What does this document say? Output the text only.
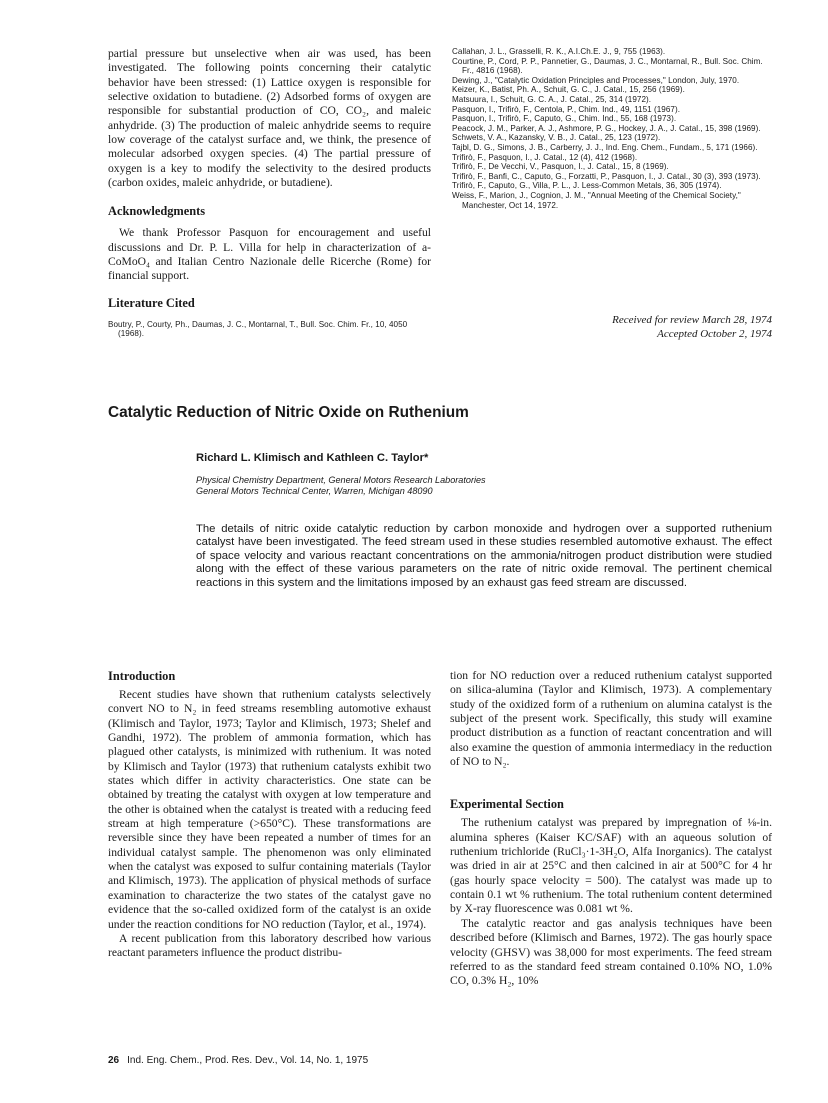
partial pressure but unselective when air was used, has been investigated. The following points concerning their catalytic behavior have been stressed: (1) Lattice oxygen is responsible for selective oxidation to butadiene. (2) Adsorbed forms of oxygen are responsible for substantial production of CO, CO₂, and maleic anhydride. (3) The production of maleic anhydride seems to require low coverage of the catalyst surface and, we think, the presence of molecular adsorbed oxygen species. (4) The partial pressure of oxygen is a key to modify the selectivity to the desired products (carbon oxides, maleic anhydride, or butadiene).

Acknowledgments

We thank Professor Pasquon for encouragement and useful discussions and Dr. P. L. Villa for help in characterization of a-CoMoO₄ and Italian Centro Nazionale delle Ricerche (Rome) for financial support.

Literature Cited

Boutry, P., Courty, Ph., Daumas, J. C., Montarnal, T., Bull. Soc. Chim. Fr., 10, 4050 (1968).

Callahan, J. L., Grasselli, R. K., A.I.Ch.E. J., 9, 755 (1963).

Courtine, P., Cord, P. P., Pannetier, G., Daumas, J. C., Montarnal, R., Bull. Soc. Chim. Fr., 4816 (1968).

Dewing, J., "Catalytic Oxidation Principles and Processes," London, July, 1970.

Keizer, K., Batist, Ph. A., Schuit, G. C., J. Catal., 15, 256 (1969).

Matsuura, I., Schuit, G. C. A., J. Catal., 25, 314 (1972).

Pasquon, I., Trifirò, F., Centola, P., Chim. Ind., 49, 1151 (1967).

Pasquon, I., Trifirò, F., Caputo, G., Chim. Ind., 55, 168 (1973).

Peacock, J. M., Parker, A. J., Ashmore, P. G., Hockey, J. A., J. Catal., 15, 398 (1969).

Schwets, V. A., Kazansky, V. B., J. Catal., 25, 123 (1972).

Tajbl, D. G., Simons, J. B., Carberry, J. J., Ind. Eng. Chem., Fundam., 5, 171 (1966).

Trifirò, F., Pasquon, I., J. Catal., 12 (4), 412 (1968).

Trifirò, F., De Vecchi, V., Pasquon, I., J. Catal., 15, 8 (1969).

Trifirò, F., Banfi, C., Caputo, G., Forzatti, P., Pasquon, I., J. Catal., 30 (3), 393 (1973).

Trifirò, F., Caputo, G., Villa, P. L., J. Less-Common Metals, 36, 305 (1974).

Weiss, F., Marion, J., Cognion, J. M., "Annual Meeting of the Chemical Society," Manchester, Oct 14, 1972.

Received for review March 28, 1974
Accepted October 2, 1974
Catalytic Reduction of Nitric Oxide on Ruthenium

Richard L. Klimisch and Kathleen C. Taylor*

Physical Chemistry Department, General Motors Research Laboratories
General Motors Technical Center, Warren, Michigan 48090

The details of nitric oxide catalytic reduction by carbon monoxide and hydrogen over a supported ruthenium catalyst have been investigated. The feed stream used in these studies resembled automotive exhaust. The effect of space velocity and various reactant concentrations on the ammonia/nitrogen product distribution were studied along with the effect of these various parameters on the rate of nitric oxide removal. The pertinent chemical reactions in this system and the limitations imposed by an exhaust gas feed stream are discussed.

Introduction

Recent studies have shown that ruthenium catalysts selectively convert NO to N₂ in feed streams resembling automotive exhaust (Klimisch and Taylor, 1973; Taylor and Klimisch, 1973; Shelef and Gandhi, 1972). The problem of ammonia formation, which has plagued other catalysts, is minimized with ruthenium. It was noted by Klimisch and Taylor (1973) that ruthenium catalysts exhibit two states which differ in activity characteristics. One state can be obtained by treating the catalyst with oxygen at low temperature and the other is obtained when the catalyst is treated with a reducing feed stream at high temperature (>650°C). These transformations are reversible since they have been repeated a number of times for an individual catalyst sample. The phenomenon was only eliminated when the catalyst was exposed to sulfur containing materials (Taylor and Klimisch, 1973). The application of physical methods of surface examination to characterize the two states of the catalyst gave no evidence that the so-called oxidized form of the catalyst is an oxide under the reaction conditions for NO reduction (Taylor, et al., 1974).

A recent publication from this laboratory described how various reactant parameters influence the product distribu-

tion for NO reduction over a reduced ruthenium catalyst supported on silica-alumina (Taylor and Klimisch, 1973). A complementary study of the oxidized form of a ruthenium on alumina catalyst is the subject of the present work. Specifically, this study will examine product distribution as a function of reactant concentration and will also examine the question of ammonia intermediacy in the reduction of NO to N₂.

Experimental Section

The ruthenium catalyst was prepared by impregnation of ⅛-in. alumina spheres (Kaiser KC/SAF) with an aqueous solution of ruthenium trichloride (RuCl₃·1-3H₂O, Alfa Inorganics). The catalyst was dried in air at 25°C and then calcined in air at 500°C for 4 hr (gas hourly space velocity = 500). The catalyst was made up to contain 0.1 wt % ruthenium. The total ruthenium content determined by X-ray fluorescence was 0.081 wt %.

The catalytic reactor and gas analysis techniques have been described before (Klimisch and Barnes, 1972). The gas hourly space velocity (GHSV) was 38,000 for most experiments. The feed stream referred to as the standard feed stream contained 0.10% NO, 1.0% CO, 0.3% H₂, 10%

26 Ind. Eng. Chem., Prod. Res. Dev., Vol. 14, No. 1, 1975
